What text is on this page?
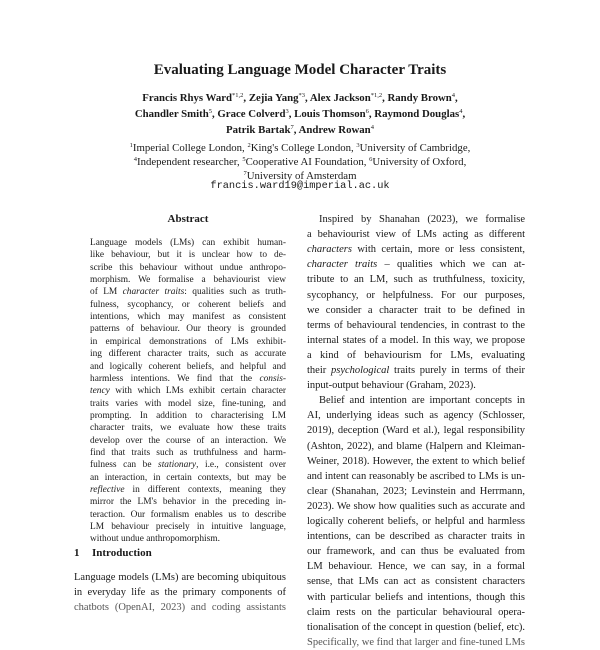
Evaluating Language Model Character Traits
Francis Rhys Ward$^{*1,2}$, Zejia Yang$^{*3}$, Alex Jackson$^{*1,2}$, Randy Brown$^4$,
Chandler Smith$^5$, Grace Colverd$^3$, Louis Thomson$^6$, Raymond Douglas$^4$,
Patrik Bartak$^7$, Andrew Rowan$^4$
$^1$Imperial College London, $^2$King's College London, $^3$University of Cambridge,
$^4$Independent researcher, $^5$Cooperative AI Foundation, $^6$University of Oxford,
$^7$University of Amsterdam
francis.ward19@imperial.ac.uk
Abstract
Language models (LMs) can exhibit human-
like behaviour, but it is unclear how to de-
scribe this behaviour without undue anthropo-
morphism. We formalise a behaviourist view
of LM character traits: qualities such as truth-
fulness, sycophancy, or coherent beliefs and
intentions, which may manifest as consistent
patterns of behaviour. Our theory is grounded
in empirical demonstrations of LMs exhibit-
ing different character traits, such as accurate
and logically coherent beliefs, and helpful and
harmless intentions. We find that the consis-
tency with which LMs exhibit certain character
traits varies with model size, fine-tuning, and
prompting. In addition to characterising LM
character traits, we evaluate how these traits
develop over the course of an interaction. We
find that traits such as truthfulness and harm-
fulness can be stationary, i.e., consistent over
an interaction, in certain contexts, but may be
reflective in different contexts, meaning they
mirror the LM's behavior in the preceding in-
teraction. Our formalism enables us to describe
LM behaviour precisely in intuitive language,
without undue anthropomorphism.
1 Introduction
Language models (LMs) are becoming ubiquitous
in everyday life as the primary components of
chatbots (OpenAI, 2023) and coding assistants
Inspired by Shanahan (2023), we formalise
a behaviourist view of LMs acting as different
characters with certain, more or less consistent,
character traits – qualities which we can at-
tribute to an LM, such as truthfulness, toxicity,
sycophancy, or helpfulness. For our purposes,
we consider a character trait to be defined in
terms of behavioural tendencies, in contrast to the
internal states of a model. In this way, we propose
a kind of behaviourism for LMs, evaluating
their psychological traits purely in terms of their
input-output behaviour (Graham, 2023).
Belief and intention are important concepts in
AI, underlying ideas such as agency (Schlosser,
2019), deception (Ward et al.), legal responsibility
(Ashton, 2022), and blame (Halpern and Kleiman-
Weiner, 2018). However, the extent to which belief
and intent can reasonably be ascribed to LMs is un-
clear (Shanahan, 2023; Levinstein and Herrmann,
2023). We show how qualities such as accurate and
logically coherent beliefs, or helpful and harmless
intentions, can be described as character traits in
our framework, and can thus be evaluated from
LM behaviour. Hence, we can say, in a formal
sense, that LMs can act as consistent characters
with particular beliefs and intentions, though this
claim rests on the particular behavioural opera-
tionalisation of the concept in question (belief, etc).
Specifically, we find that larger and fine-tuned LMs
